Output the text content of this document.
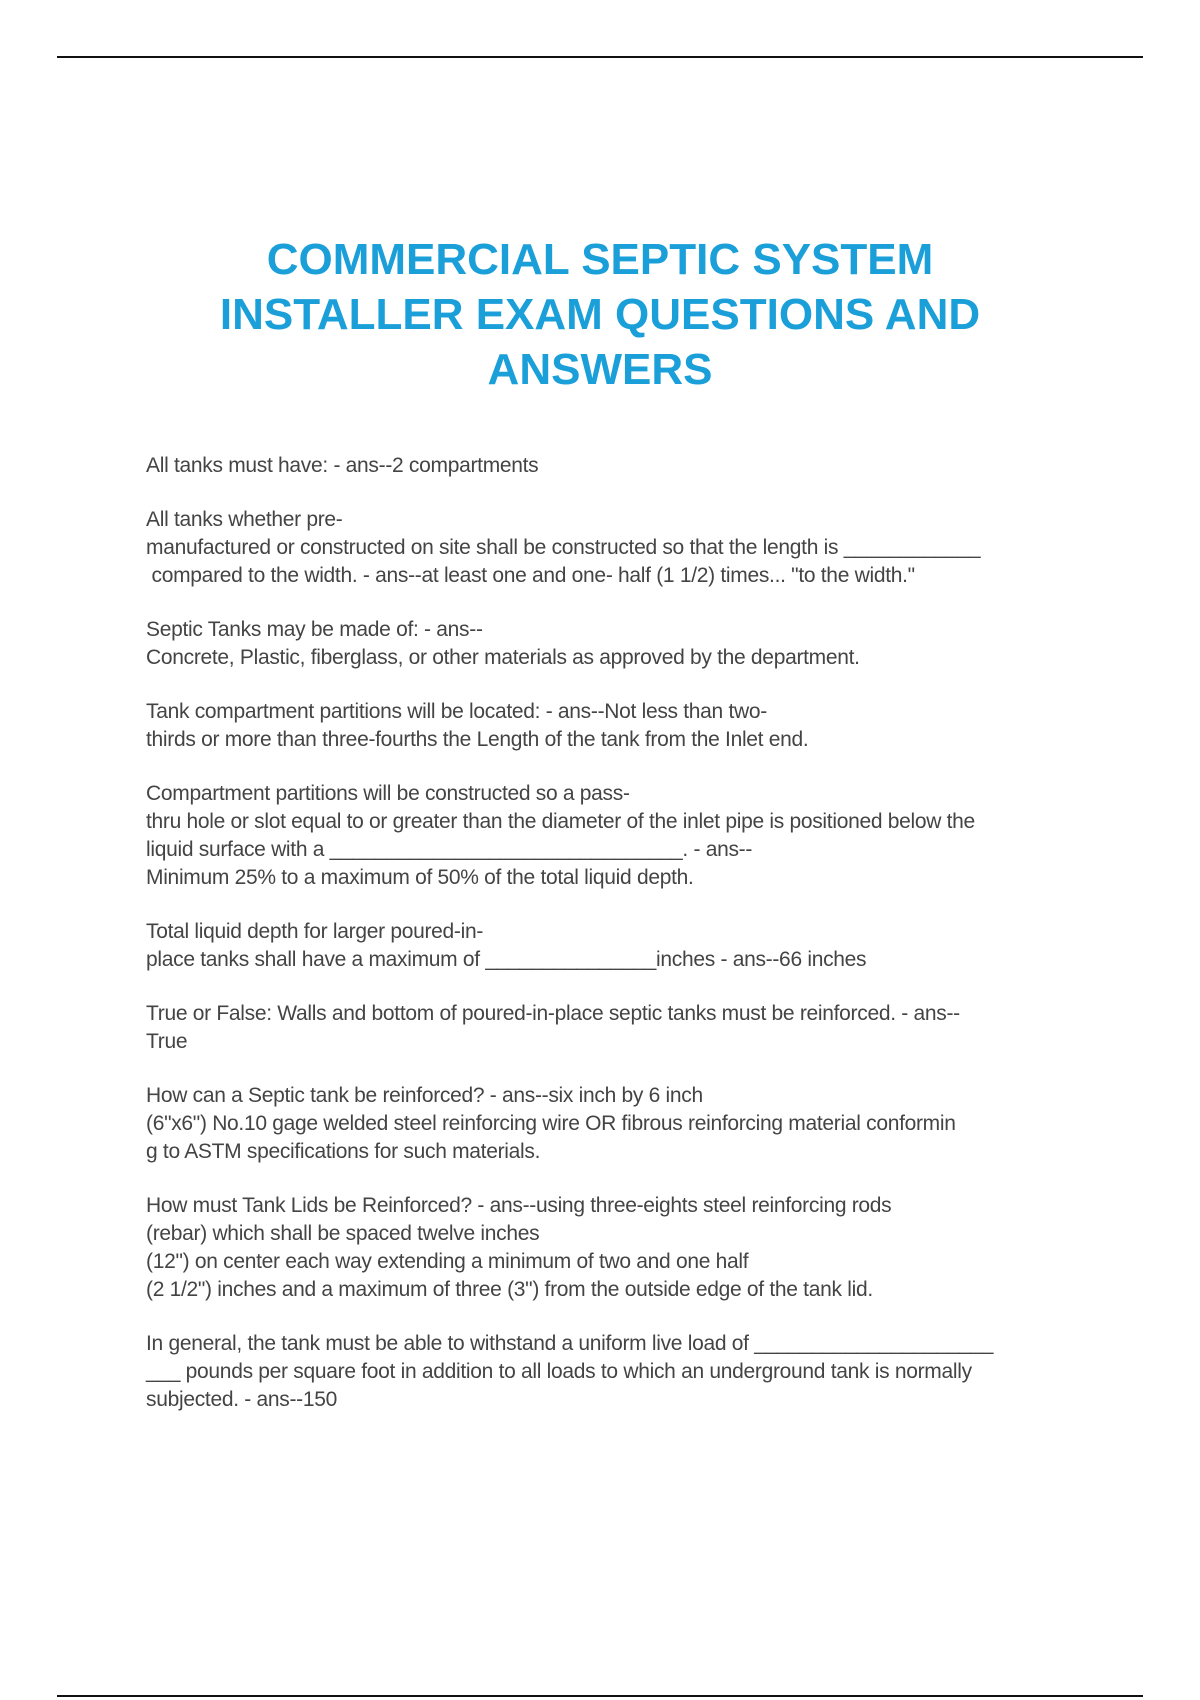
COMMERCIAL SEPTIC SYSTEM
INSTALLER EXAM QUESTIONS AND
ANSWERS
All tanks must have: - ans--2 compartments
All tanks whether pre-
manufactured or constructed on site shall be constructed so that the length is ____________
compared to the width. - ans--at least one and one- half (1 1/2) times... "to the width."
Septic Tanks may be made of: - ans--
Concrete, Plastic, fiberglass, or other materials as approved by the department.
Tank compartment partitions will be located: - ans--Not less than two-
thirds or more than three-fourths the Length of the tank from the Inlet end.
Compartment partitions will be constructed so a pass-
thru hole or slot equal to or greater than the diameter of the inlet pipe is positioned below the
liquid surface with a _______________________________. - ans--
Minimum 25% to a maximum of 50% of the total liquid depth.
Total liquid depth for larger poured-in-
place tanks shall have a maximum of _______________inches - ans--66 inches
True or False: Walls and bottom of poured-in-place septic tanks must be reinforced. - ans--
True
How can a Septic tank be reinforced? - ans--six inch by 6 inch
(6"x6") No.10 gage welded steel reinforcing wire OR fibrous reinforcing material conformin
g to ASTM specifications for such materials.
How must Tank Lids be Reinforced? - ans--using three-eights steel reinforcing rods
(rebar) which shall be spaced twelve inches
(12") on center each way extending a minimum of two and one half
(2 1/2") inches and a maximum of three (3") from the outside edge of the tank lid.
In general, the tank must be able to withstand a uniform live load of _____________________
___ pounds per square foot in addition to all loads to which an underground tank is normally
subjected. - ans--150
